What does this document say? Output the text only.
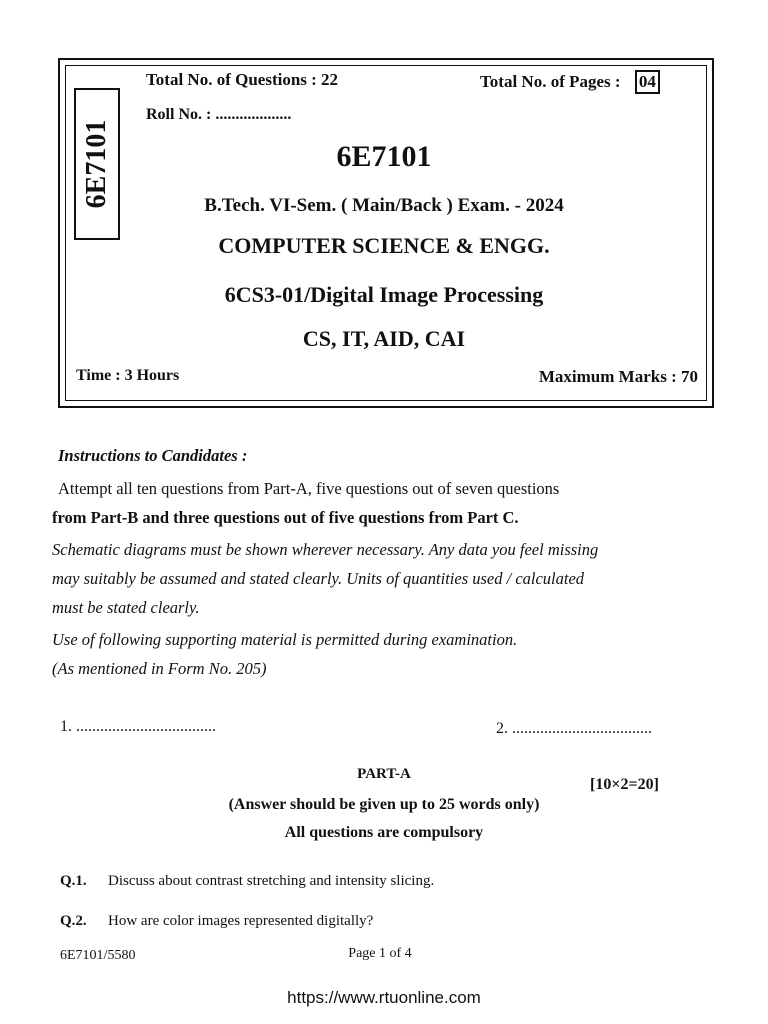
6E7101
Total No. of Questions : 22	Total No. of Pages : 04
Roll No. : ...................
6E7101
B.Tech. VI-Sem. ( Main/Back ) Exam. - 2024
COMPUTER SCIENCE & ENGG.
6CS3-01/Digital Image Processing
CS, IT, AID, CAI
Time : 3 Hours	Maximum Marks : 70
Instructions to Candidates :
Attempt all ten questions from Part-A, five questions out of seven questions
from Part-B and three questions out of five questions from Part C.
Schematic diagrams must be shown wherever necessary. Any data you feel missing
may suitably be assumed and stated clearly. Units of quantities used / calculated
must be stated clearly.
Use of following supporting material is permitted during examination.
(As mentioned in Form No. 205)
1. ...................................	2. ...................................
PART-A
[10×2=20]
(Answer should be given up to 25 words only)
All questions are compulsory
Q.1. Discuss about contrast stretching and intensity slicing.
Q.2. How are color images represented digitally?
6E7101/5580	Page 1 of 4
https://www.rtuonline.com
